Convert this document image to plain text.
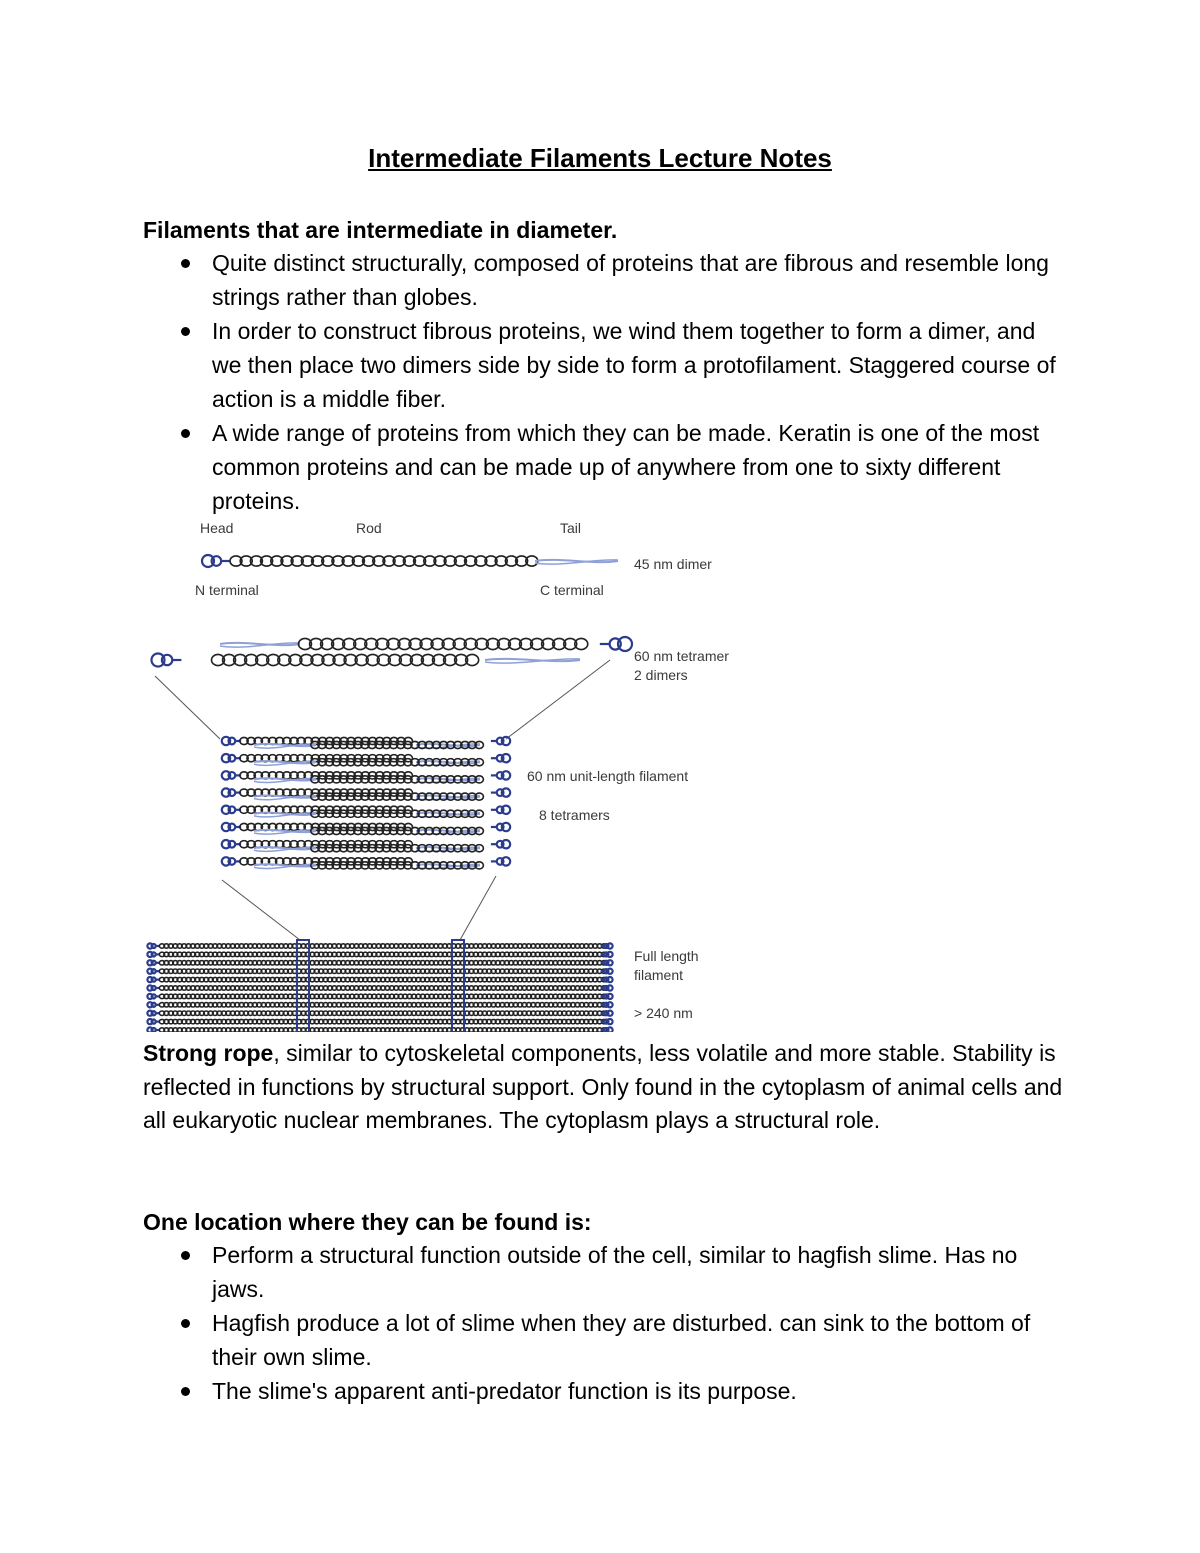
Intermediate Filaments Lecture Notes
Filaments that are intermediate in diameter.
Quite distinct structurally, composed of proteins that are fibrous and resemble long strings rather than globes.
In order to construct fibrous proteins, we wind them together to form a dimer, and we then place two dimers side by side to form a protofilament. Staggered course of action is a middle fiber.
A wide range of proteins from which they can be made. Keratin is one of the most common proteins and can be made up of anywhere from one to sixty different proteins.
Head	Rod	Tail
N terminal	C terminal
45 nm dimer
60 nm tetramer
2 dimers
60 nm unit-length filament
8 tetramers
Full length
filament
> 240 nm
Strong rope, similar to cytoskeletal components, less volatile and more stable. Stability is reflected in functions by structural support. Only found in the cytoplasm of animal cells and all eukaryotic nuclear membranes. The cytoplasm plays a structural role.
One location where they can be found is:
Perform a structural function outside of the cell, similar to hagfish slime. Has no jaws.
Hagfish produce a lot of slime when they are disturbed. can sink to the bottom of their own slime.
The slime's apparent anti-predator function is its purpose.
